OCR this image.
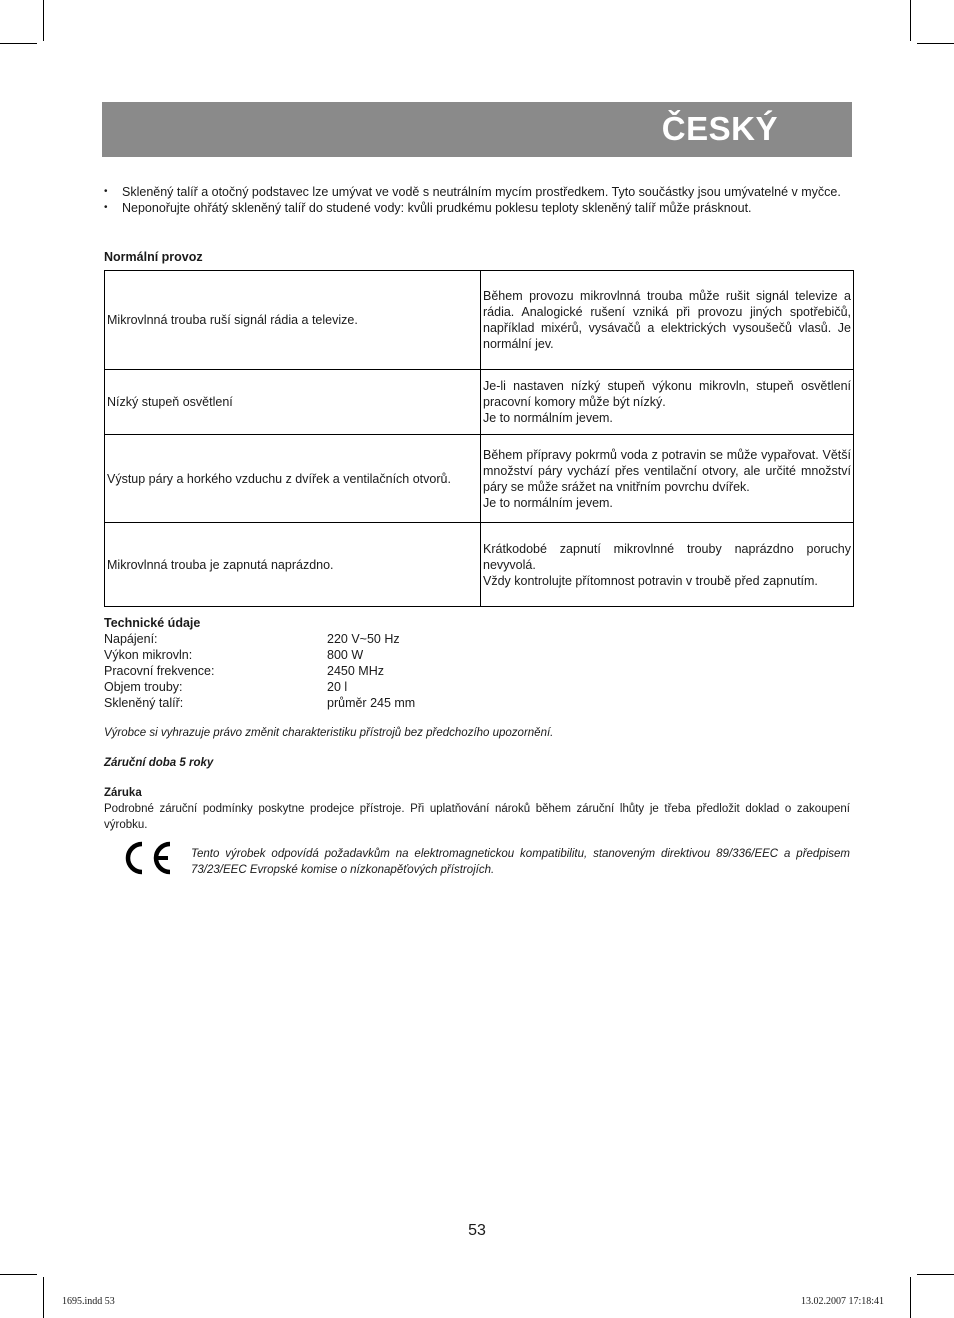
ČESKÝ
• Skleněný talíř a otočný podstavec lze umývat ve vodě s neutrálním mycím prostředkem. Tyto součástky jsou umývatelné v myčce.
• Neponořujte ohřátý skleněný talíř do studené vody: kvůli prudkému poklesu teploty skleněný talíř může prásknout.
Normální provoz
Mikrovlnná trouba ruší signál rádia a televize.	Během provozu mikrovlnná trouba může rušit signál televize a rádia. Analogické rušení vzniká při provozu jiných spotřebičů, například mixérů, vysávačů a elektrických vysoušečů vlasů. Je normální jev.
Nízký stupeň osvětlení	Je-li nastaven nízký stupeň výkonu mikrovln, stupeň osvětlení pracovní komory může být nízký.
Je to normálním jevem.
Výstup páry a horkého vzduchu z dvířek a ventilačních otvorů.	Během přípravy pokrmů voda z potravin se může vypařovat. Větší množství páry vychází přes ventilační otvory, ale určité množství páry se může srážet na vnitřním povrchu dvířek.
Je to normálním jevem.
Mikrovlnná trouba je zapnutá naprázdno.	Krátkodobé zapnutí mikrovlnné trouby naprázdno poruchy nevyvolá.
Vždy kontrolujte přítomnost potravin v troubě před zapnutím.
Technické údaje
Napájení:	220 V~50 Hz
Výkon mikrovln:	800 W
Pracovní frekvence:	2450 MHz
Objem trouby:	20 l
Skleněný talíř:	průměr 245 mm
Výrobce si vyhrazuje právo změnit charakteristiku přístrojů bez předchozího upozornění.
Záruční doba 5 roky
Záruka
Podrobné záruční podmínky poskytne prodejce přístroje. Při uplatňování nároků během záruční lhůty je třeba předložit doklad o zakoupení výrobku.
Tento výrobek odpovídá požadavkům na elektromagnetickou kompatibilitu, stanoveným direktivou 89/336/EEC a předpisem 73/23/EEC Evropské komise o nízkonapěťových přístrojích.
53
1695.indd 53	13.02.2007 17:18:41
